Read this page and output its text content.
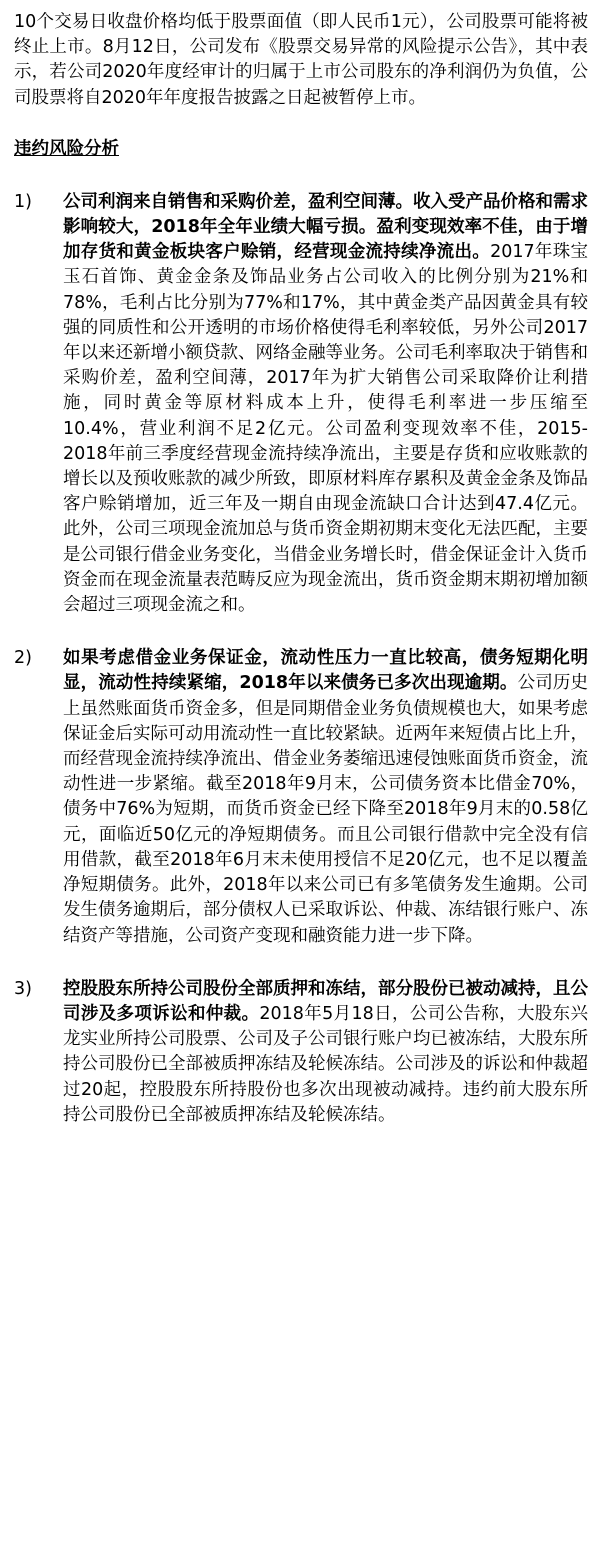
10个交易日收盘价格均低于股票面值（即人民币1元），公司股票可能将被终止上市。8月12日，公司发布《股票交易异常的风险提示公告》，其中表示，若公司2020年度经审计的归属于上市公司股东的净利润仍为负值，公司股票将自2020年年度报告披露之日起被暂停上市。

违约风险分析
1)	公司利润来自销售和采购价差，盈利空间薄。收入受产品价格和需求影响较大，2018年全年业绩大幅亏损。盈利变现效率不佳，由于增加存货和黄金板块客户赊销，经营现金流持续净流出。2017年珠宝玉石首饰、黄金金条及饰品业务占公司收入的比例分别为21%和78%，毛利占比分别为77%和17%，其中黄金类产品因黄金具有较强的同质性和公开透明的市场价格使得毛利率较低，另外公司2017年以来还新增小额贷款、网络金融等业务。公司毛利率取决于销售和采购价差，盈利空间薄，2017年为扩大销售公司采取降价让利措施，同时黄金等原材料成本上升，使得毛利率进一步压缩至10.4%，营业利润不足2亿元。公司盈利变现效率不佳，2015-2018年前三季度经营现金流持续净流出，主要是存货和应收账款的增长以及预收账款的减少所致，即原材料库存累积及黄金金条及饰品客户赊销增加，近三年及一期自由现金流缺口合计达到47.4亿元。此外，公司三项现金流加总与货币资金期初期末变化无法匹配，主要是公司银行借金业务变化，当借金业务增长时，借金保证金计入货币资金而在现金流量表范畴反应为现金流出，货币资金期末期初增加额会超过三项现金流之和。

2)	如果考虑借金业务保证金，流动性压力一直比较高，债务短期化明显，流动性持续紧缩，2018年以来债务已多次出现逾期。公司历史上虽然账面货币资金多，但是同期借金业务负债规模也大，如果考虑保证金后实际可动用流动性一直比较紧缺。近两年来短债占比上升，而经营现金流持续净流出、借金业务萎缩迅速侵蚀账面货币资金，流动性进一步紧缩。截至2018年9月末，公司债务资本比借金70%，债务中76%为短期，而货币资金已经下降至2018年9月末的0.58亿元，面临近50亿元的净短期债务。而且公司银行借款中完全没有信用借款，截至2018年6月末未使用授信不足20亿元，也不足以覆盖净短期债务。此外，2018年以来公司已有多笔债务发生逾期。公司发生债务逾期后，部分债权人已采取诉讼、仲裁、冻结银行账户、冻结资产等措施，公司资产变现和融资能力进一步下降。

3)	控股股东所持公司股份全部质押和冻结，部分股份已被动减持，且公司涉及多项诉讼和仲裁。2018年5月18日，公司公告称，大股东兴龙实业所持公司股票、公司及子公司银行账户均已被冻结，大股东所持公司股份已全部被质押冻结及轮候冻结。公司涉及的诉讼和仲裁超过20起，控股股东所持股份也多次出现被动减持。违约前大股东所持公司股份已全部被质押冻结及轮候冻结。
